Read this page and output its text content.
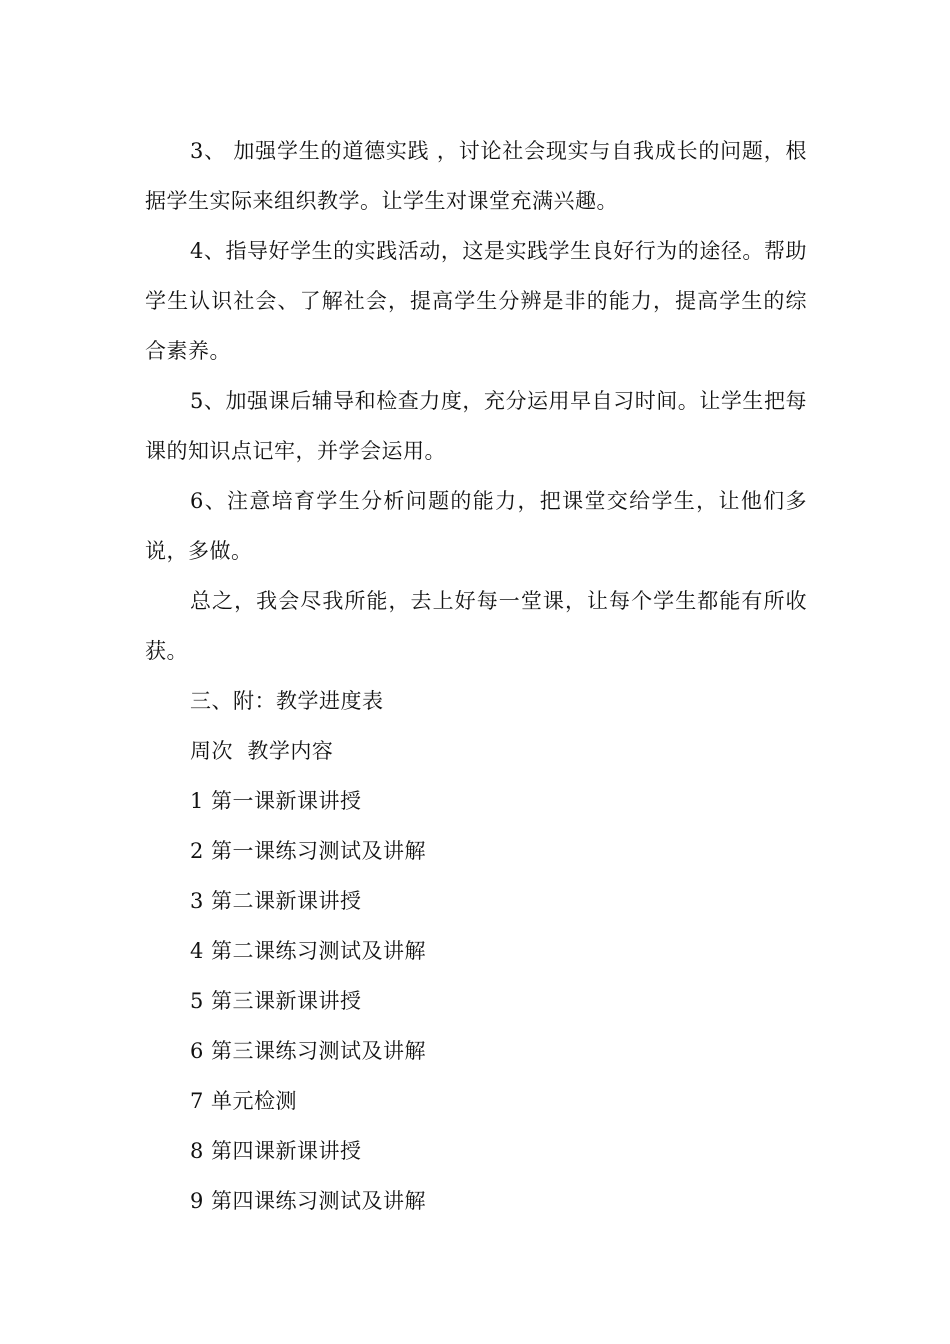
3、 加强学生的道德实践 ，讨论社会现实与自我成长的问题，根据学生实际来组织教学。让学生对课堂充满兴趣。

4、指导好学生的实践活动，这是实践学生良好行为的途径。帮助学生认识社会、了解社会，提高学生分辨是非的能力，提高学生的综合素养。

5、加强课后辅导和检查力度，充分运用早自习时间。让学生把每课的知识点记牢，并学会运用。

6、注意培育学生分析问题的能力，把课堂交给学生，让他们多说，多做。

总之，我会尽我所能，去上好每一堂课，让每个学生都能有所收获。

三、附：教学进度表

周次  教学内容

1 第一课新课讲授

2 第一课练习测试及讲解

3 第二课新课讲授

4 第二课练习测试及讲解

5 第三课新课讲授

6 第三课练习测试及讲解

7 单元检测

8 第四课新课讲授

9 第四课练习测试及讲解
